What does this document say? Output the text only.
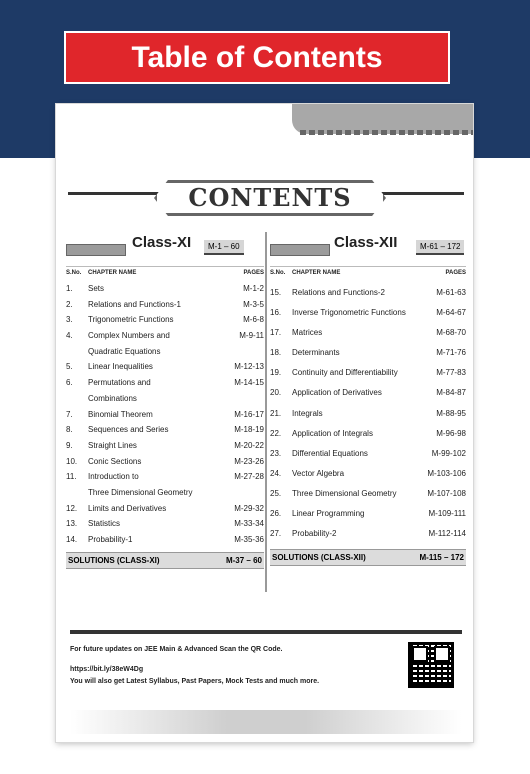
Table of Contents
CONTENTS
Class-XI	M-1 – 60
S.No.	CHAPTER NAME	PAGES
1.	Sets	M-1-2
2.	Relations and Functions-1	M-3-5
3.	Trigonometric Functions	M-6-8
4.	Complex Numbers and	M-9-11
Quadratic Equations
5.	Linear Inequalities	M-12-13
6.	Permutations and	M-14-15
Combinations
7.	Binomial Theorem	M-16-17
8.	Sequences and Series	M-18-19
9.	Straight Lines	M-20-22
10.	Conic Sections	M-23-26
11.	Introduction to	M-27-28
Three Dimensional Geometry
12.	Limits and Derivatives	M-29-32
13.	Statistics	M-33-34
14.	Probability-1	M-35-36
SOLUTIONS (CLASS-XI)	M-37 – 60
Class-XII	M-61 – 172
S.No.	CHAPTER NAME	PAGES
15.	Relations and Functions-2	M-61-63
16.	Inverse Trigonometric Functions	M-64-67
17.	Matrices	M-68-70
18.	Determinants	M-71-76
19.	Continuity and Differentiability	M-77-83
20.	Application of Derivatives	M-84-87
21.	Integrals	M-88-95
22.	Application of Integrals	M-96-98
23.	Differential Equations	M-99-102
24.	Vector Algebra	M-103-106
25.	Three Dimensional Geometry	M-107-108
26.	Linear Programming	M-109-111
27.	Probability-2	M-112-114
SOLUTIONS (CLASS-XII)	M-115 – 172
For future updates on JEE Main & Advanced Scan the QR Code.
https://bit.ly/38eW4Dg
You will also get Latest Syllabus, Past Papers, Mock Tests and much more.
